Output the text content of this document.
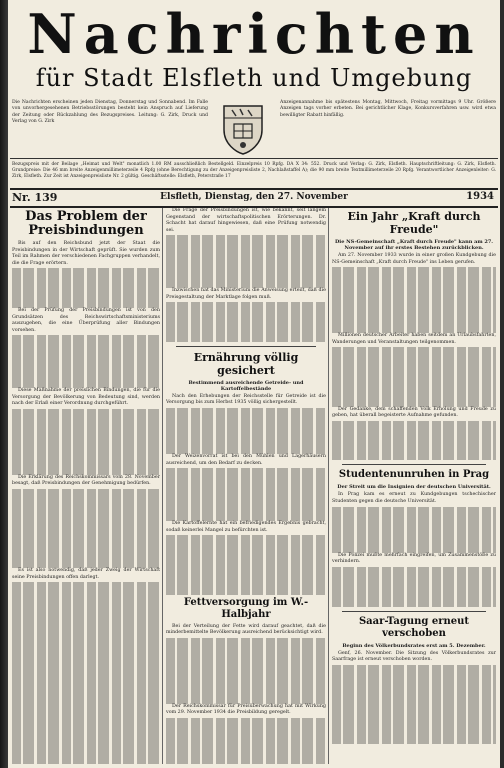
Nachrichten
für Stadt Elsfleth und Umgebung
Die Nachrichten erscheinen jeden Dienstag, Donnerstag und Sonnabend. Im Falle von unvorhergesehenen Betriebsstörungen besteht kein Anspruch auf Lieferung der Zeitung oder Rückzahlung des Bezugspreises. Leitung: G. Zirk, Druck und Verlag von G. Zirk
Anzeigenannahme bis spätestens Montag, Mittwoch, Freitag vormittags 9 Uhr. Größere Anzeigen tags vorher erbeten. Bei gerichtlicher Klage, Konkursverfahren usw. wird etwa bewilligter Rabatt hinfällig.
Bezugspreis mit der Beilage „Heimat und Welt" monatlich 1.00 RM ausschließlich Bestellgeld. Einzelpreis 10 Rpfg. DA X 34: 552. Druck und Verlag: G. Zirk, Elsfleth. Hauptschriftleitung: G. Zirk, Elsfleth. Grundpreise: Die 46 mm breite Anzeigenmillimeterzeile 4 Rpfg (ohne Berechtigung zu der Anzeigenpreisliste 2, Nachlaßstaffel A); die 90 mm breite Textmillimeterzeile 20 Rpfg. Verantwortlicher Anzeigenleiter: G. Zirk, Elsfleth. Zur Zeit ist Anzeigenpreisliste Nr. 2 gültig. Geschäftsstelle: Elsfleth, Peterstraße 17
Nr. 139	Elsfleth, Dienstag, den 27. November	1934
Das Problem der Preisbindungen

Bis auf den Reichsbund jetzt der Staat die Preisbindungen in der Wirtschaft geprüft. Sie wurden zum Teil im Rahmen der verschiedenen Fachgruppen verhandelt, die die Frage erörtern.

Bei der Prüfung der Preisbindungen ist von den Grundsätzen des Reichswirtschaftsministeriums auszugehen, die eine Überprüfung aller Bindungen vorsehen.

Diese Maßnahme der preislichen Bindungen, die für die Versorgung der Bevölkerung von Bedeutung sind, werden nach der Erlaß einer Verordnung durchgeführt.

Die Erklärung des Reichskommissars vom 28. November besagt, daß Preisbindungen der Genehmigung bedürfen.

Es ist also notwendig, daß jeder Zweig der Wirtschaft seine Preisbindungen offen darlegt.

Die Frage der Preisbindungen ist, wie bekannt, seit langem Gegenstand der wirtschaftspolitischen Erörterungen. Dr. Schacht hat darauf hingewiesen, daß eine Prüfung notwendig sei.

Inzwischen hat das Ministerium die Anweisung erteilt, daß die Preisgestaltung der Marktlage folgen muß.

Ernährung völlig gesichert
Bestimmend ausreichende Getreide- und Kartoffelbestände

Nach den Erhebungen der Reichsstelle für Getreide ist die Versorgung bis zum Herbst 1935 völlig sichergestellt.

Der Weizenvorrat ist bei den Mühlen und Lagerhäusern ausreichend, um den Bedarf zu decken.

Die Kartoffelernte hat ein befriedigendes Ergebnis gebracht, sodaß keinerlei Mangel zu befürchten ist.

Fettversorgung im W.-Halbjahr

Bei der Verteilung der Fette wird darauf geachtet, daß die minderbemittelte Bevölkerung ausreichend berücksichtigt wird.

Der Reichskommissar für Preisüberwachung hat mit Wirkung vom 29. November 1934 die Preisbildung geregelt.

Ein Jahr „Kraft durch Freude"
Die NS-Gemeinschaft „Kraft durch Freude" kann am 27. November auf ihr erstes Bestehen zurückblicken.

Am 27. November 1933 wurde in einer großen Kundgebung die NS-Gemeinschaft „Kraft durch Freude" ins Leben gerufen.

Millionen deutscher Arbeiter haben seitdem an Urlaubsfahrten, Wanderungen und Veranstaltungen teilgenommen.

Der Gedanke, dem schaffenden Volk Erholung und Freude zu geben, hat überall begeisterte Aufnahme gefunden.

Studentenunruhen in Prag
Der Streit um die Insignien der deutschen Universität.

In Prag kam es erneut zu Kundgebungen tschechischer Studenten gegen die deutsche Universität.

Die Polizei mußte mehrfach eingreifen, um Zusammenstöße zu verhindern.

Saar-Tagung erneut verschoben
Beginn des Völkerbundsrates erst am 5. Dezember.

Genf, 26. November. Die Sitzung des Völkerbundsrates zur Saarfrage ist erneut verschoben worden.
